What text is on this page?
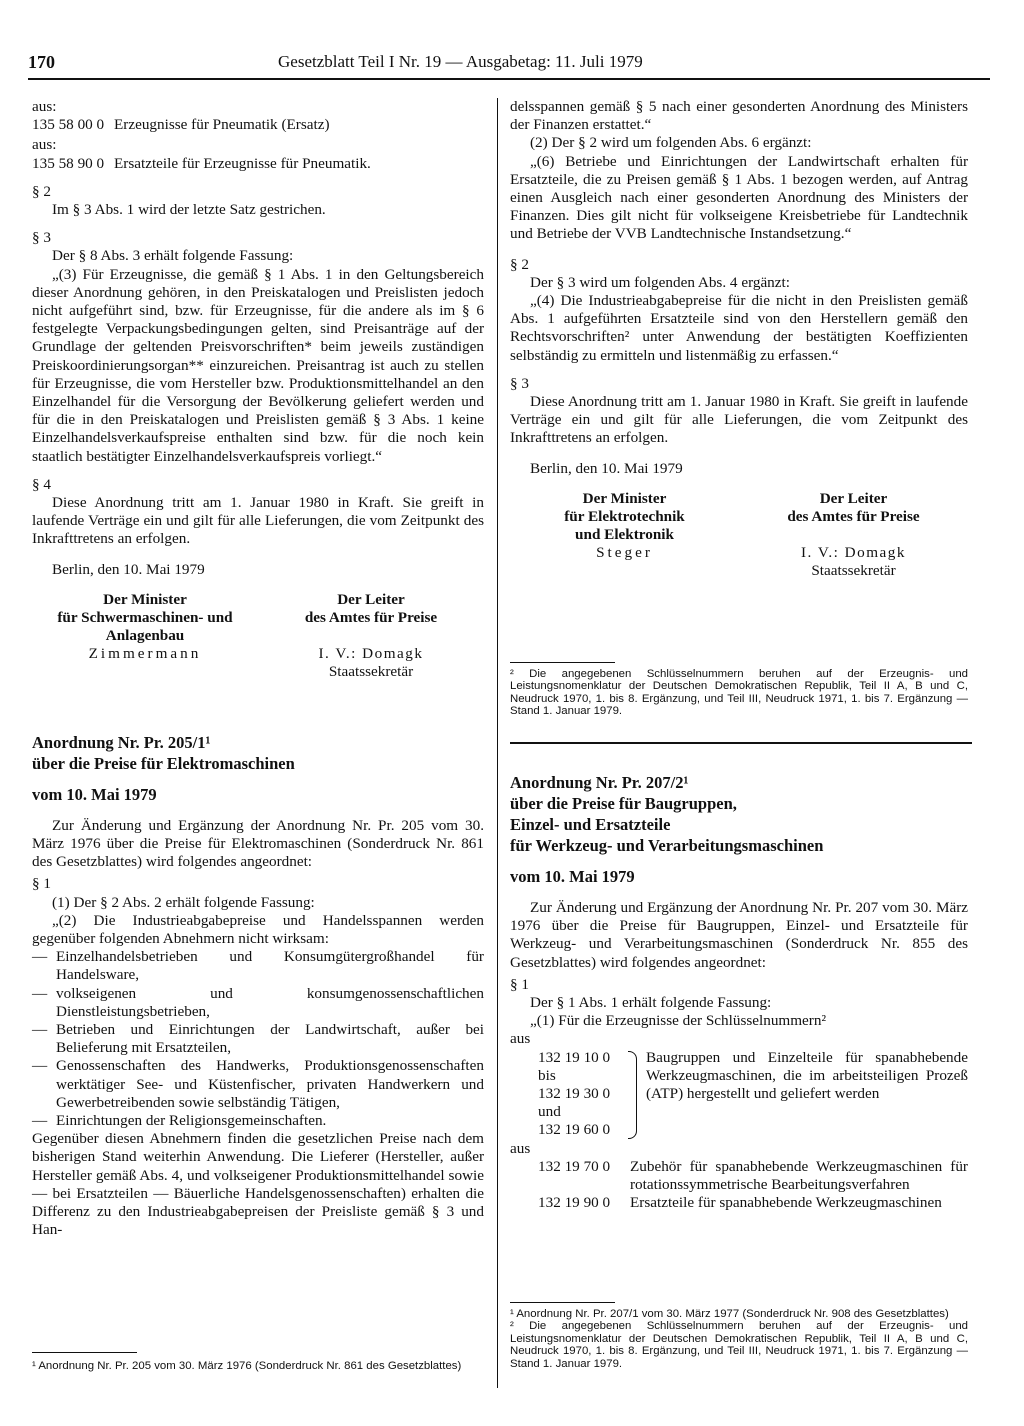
170	Gesetzblatt Teil I Nr. 19 — Ausgabetag: 11. Juli 1979

aus:

135 58 00 0 Erzeugnisse für Pneumatik (Ersatz)

aus:

135 58 90 0 Ersatzteile für Erzeugnisse für Pneumatik.

§ 2

Im § 3 Abs. 1 wird der letzte Satz gestrichen.

§ 3

Der § 8 Abs. 3 erhält folgende Fassung:

„(3) Für Erzeugnisse, die gemäß § 1 Abs. 1 in den Geltungsbereich dieser Anordnung gehören, in den Preiskatalogen und Preislisten jedoch nicht aufgeführt sind, bzw. für Erzeugnisse, für die andere als im § 6 festgelegte Verpackungsbedingungen gelten, sind Preisanträge auf der Grundlage der geltenden Preisvorschriften* beim jeweils zuständigen Preiskoordinierungsorgan** einzureichen. Preisantrag ist auch zu stellen für Erzeugnisse, die vom Hersteller bzw. Produktionsmittelhandel an den Einzelhandel für die Versorgung der Bevölkerung geliefert werden und für die in den Preiskatalogen und Preislisten gemäß § 3 Abs. 1 keine Einzelhandelsverkaufspreise enthalten sind bzw. für die noch kein staatlich bestätigter Einzelhandelsverkaufspreis vorliegt.“

§ 4

Diese Anordnung tritt am 1. Januar 1980 in Kraft. Sie greift in laufende Verträge ein und gilt für alle Lieferungen, die vom Zeitpunkt des Inkrafttretens an erfolgen.

Berlin, den 10. Mai 1979

Der Minister
für Schwermaschinen- und
Anlagenbau
Zimmermann
Der Leiter
des Amtes für Preise
I. V.: Domagk
Staatssekretär

Anordnung Nr. Pr. 205/1¹

über die Preise für Elektromaschinen

vom 10. Mai 1979

Zur Änderung und Ergänzung der Anordnung Nr. Pr. 205 vom 30. März 1976 über die Preise für Elektromaschinen (Sonderdruck Nr. 861 des Gesetzblattes) wird folgendes angeordnet:

§ 1

(1) Der § 2 Abs. 2 erhält folgende Fassung:

„(2) Die Industrieabgabepreise und Handelsspannen werden gegenüber folgenden Abnehmern nicht wirksam:

— Einzelhandelsbetrieben und Konsumgütergroßhandel für Handelsware,
— volkseigenen und konsumgenossenschaftlichen Dienstleistungsbetrieben,
— Betrieben und Einrichtungen der Landwirtschaft, außer bei Belieferung mit Ersatzteilen,
— Genossenschaften des Handwerks, Produktionsgenossenschaften werktätiger See- und Küstenfischer, privaten Handwerkern und Gewerbetreibenden sowie selbständig Tätigen,
— Einrichtungen der Religionsgemeinschaften.

Gegenüber diesen Abnehmern finden die gesetzlichen Preise nach dem bisherigen Stand weiterhin Anwendung. Die Lieferer (Hersteller, außer Hersteller gemäß Abs. 4, und volkseigener Produktionsmittelhandel sowie — bei Ersatzteilen — Bäuerliche Handelsgenossenschaften) erhalten die Differenz zu den Industrieabgabepreisen der Preisliste gemäß § 3 und Han-

¹ Anordnung Nr. Pr. 205 vom 30. März 1976 (Sonderdruck Nr. 861 des Gesetzblattes)

delsspannen gemäß § 5 nach einer gesonderten Anordnung des Ministers der Finanzen erstattet.“

(2) Der § 2 wird um folgenden Abs. 6 ergänzt:

„(6) Betriebe und Einrichtungen der Landwirtschaft erhalten für Ersatzteile, die zu Preisen gemäß § 1 Abs. 1 bezogen werden, auf Antrag einen Ausgleich nach einer gesonderten Anordnung des Ministers der Finanzen. Dies gilt nicht für volkseigene Kreisbetriebe für Landtechnik und Betriebe der VVB Landtechnische Instandsetzung.“

§ 2

Der § 3 wird um folgenden Abs. 4 ergänzt:

„(4) Die Industrieabgabepreise für die nicht in den Preislisten gemäß Abs. 1 aufgeführten Ersatzteile sind von den Herstellern gemäß den Rechtsvorschriften² unter Anwendung der bestätigten Koeffizienten selbständig zu ermitteln und listenmäßig zu erfassen.“

§ 3

Diese Anordnung tritt am 1. Januar 1980 in Kraft. Sie greift in laufende Verträge ein und gilt für alle Lieferungen, die vom Zeitpunkt des Inkrafttretens an erfolgen.

Berlin, den 10. Mai 1979

Der Minister
für Elektrotechnik
und Elektronik
Steger
Der Leiter
des Amtes für Preise
I. V.: Domagk
Staatssekretär

² Die angegebenen Schlüsselnummern beruhen auf der Erzeugnis- und Leistungsnomenklatur der Deutschen Demokratischen Republik, Teil II A, B und C, Neudruck 1970, 1. bis 8. Ergänzung, und Teil III, Neudruck 1971, 1. bis 7. Ergänzung — Stand 1. Januar 1979.

Anordnung Nr. Pr. 207/2¹

über die Preise für Baugruppen,

Einzel- und Ersatzteile

für Werkzeug- und Verarbeitungsmaschinen

vom 10. Mai 1979

Zur Änderung und Ergänzung der Anordnung Nr. Pr. 207 vom 30. März 1976 über die Preise für Baugruppen, Einzel- und Ersatzteile für Werkzeug- und Verarbeitungsmaschinen (Sonderdruck Nr. 855 des Gesetzblattes) wird folgendes angeordnet:

§ 1

Der § 1 Abs. 1 erhält folgende Fassung:

„(1) Für die Erzeugnisse der Schlüsselnummern²

aus

132 19 10 0
bis
132 19 30 0
und
132 19 60 0
Baugruppen und Einzelteile für spanabhebende Werkzeugmaschinen, die im arbeitsteiligen Prozeß (ATP) hergestellt und geliefert werden

aus

132 19 70 0	Zubehör für spanabhebende Werkzeugmaschinen für rotationssymmetrische Bearbeitungsverfahren
132 19 90 0	Ersatzteile für spanabhebende Werkzeugmaschinen

¹ Anordnung Nr. Pr. 207/1 vom 30. März 1977 (Sonderdruck Nr. 908 des Gesetzblattes)

² Die angegebenen Schlüsselnummern beruhen auf der Erzeugnis- und Leistungsnomenklatur der Deutschen Demokratischen Republik, Teil II A, B und C, Neudruck 1970, 1. bis 8. Ergänzung, und Teil III, Neudruck 1971, 1. bis 7. Ergänzung — Stand 1. Januar 1979.
